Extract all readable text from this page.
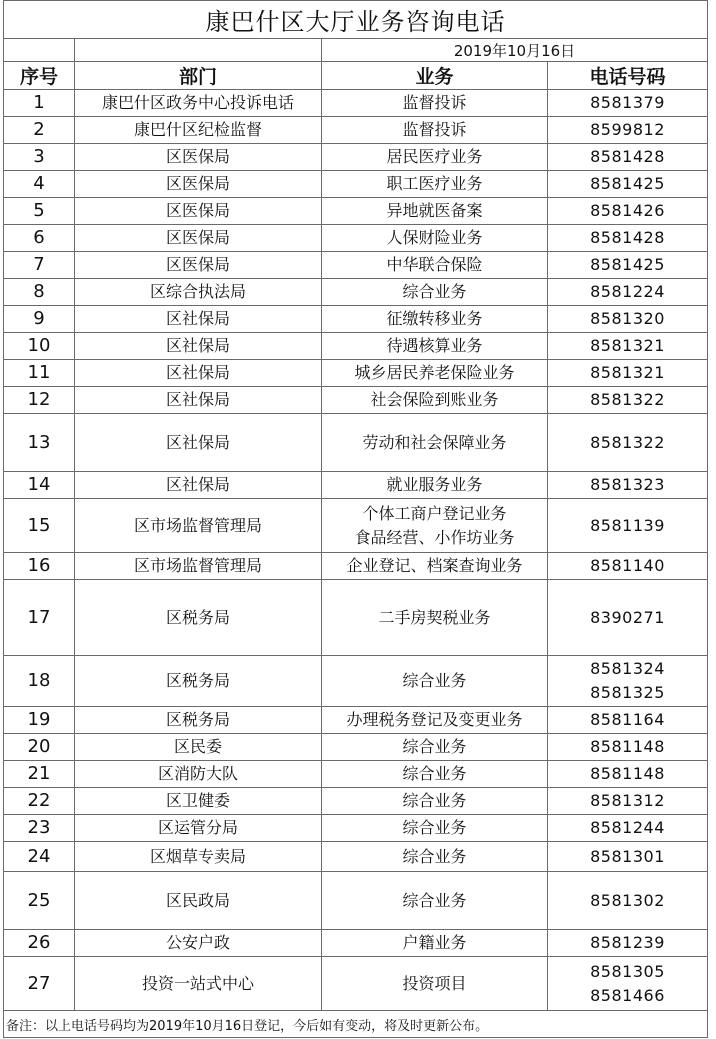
康巴什区大厅业务咨询电话			
		2019年10月16日	
序号	部门	业务	电话号码
1	康巴什区政务中心投诉电话	监督投诉	8581379

2	康巴什区纪检监督	监督投诉	8599812

3	区医保局	居民医疗业务	8581428

4	区医保局	职工医疗业务	8581425

5	区医保局	异地就医备案	8581426

6	区医保局	人保财险业务	8581428

7	区医保局	中华联合保险	8581425

8	区综合执法局	综合业务	8581224

9	区社保局	征缴转移业务	8581320

10	区社保局	待遇核算业务	8581321

11	区社保局	城乡居民养老保险业务	8581321

12	区社保局	社会保险到账业务	8581322

13	区社保局	劳动和社会保障业务	8581322

14	区社保局	就业服务业务	8581323

15	区市场监督管理局	个体工商户登记业务
食品经营、小作坊业务	8581139

16	区市场监督管理局	企业登记、档案查询业务	8581140

17	区税务局	二手房契税业务	8390271

18	区税务局	综合业务	8581324
8581325

19	区税务局	办理税务登记及变更业务	8581164

20	区民委	综合业务	8581148

21	区消防大队	综合业务	8581148

22	区卫健委	综合业务	8581312

23	区运管分局	综合业务	8581244

24	区烟草专卖局	综合业务	8581301

25	区民政局	综合业务	8581302

26	公安户政	户籍业务	8581239

27	投资一站式中心	投资项目	8581305
8581466

备注：以上电话号码均为2019年10月16日登记，今后如有变动，将及时更新公布。			
